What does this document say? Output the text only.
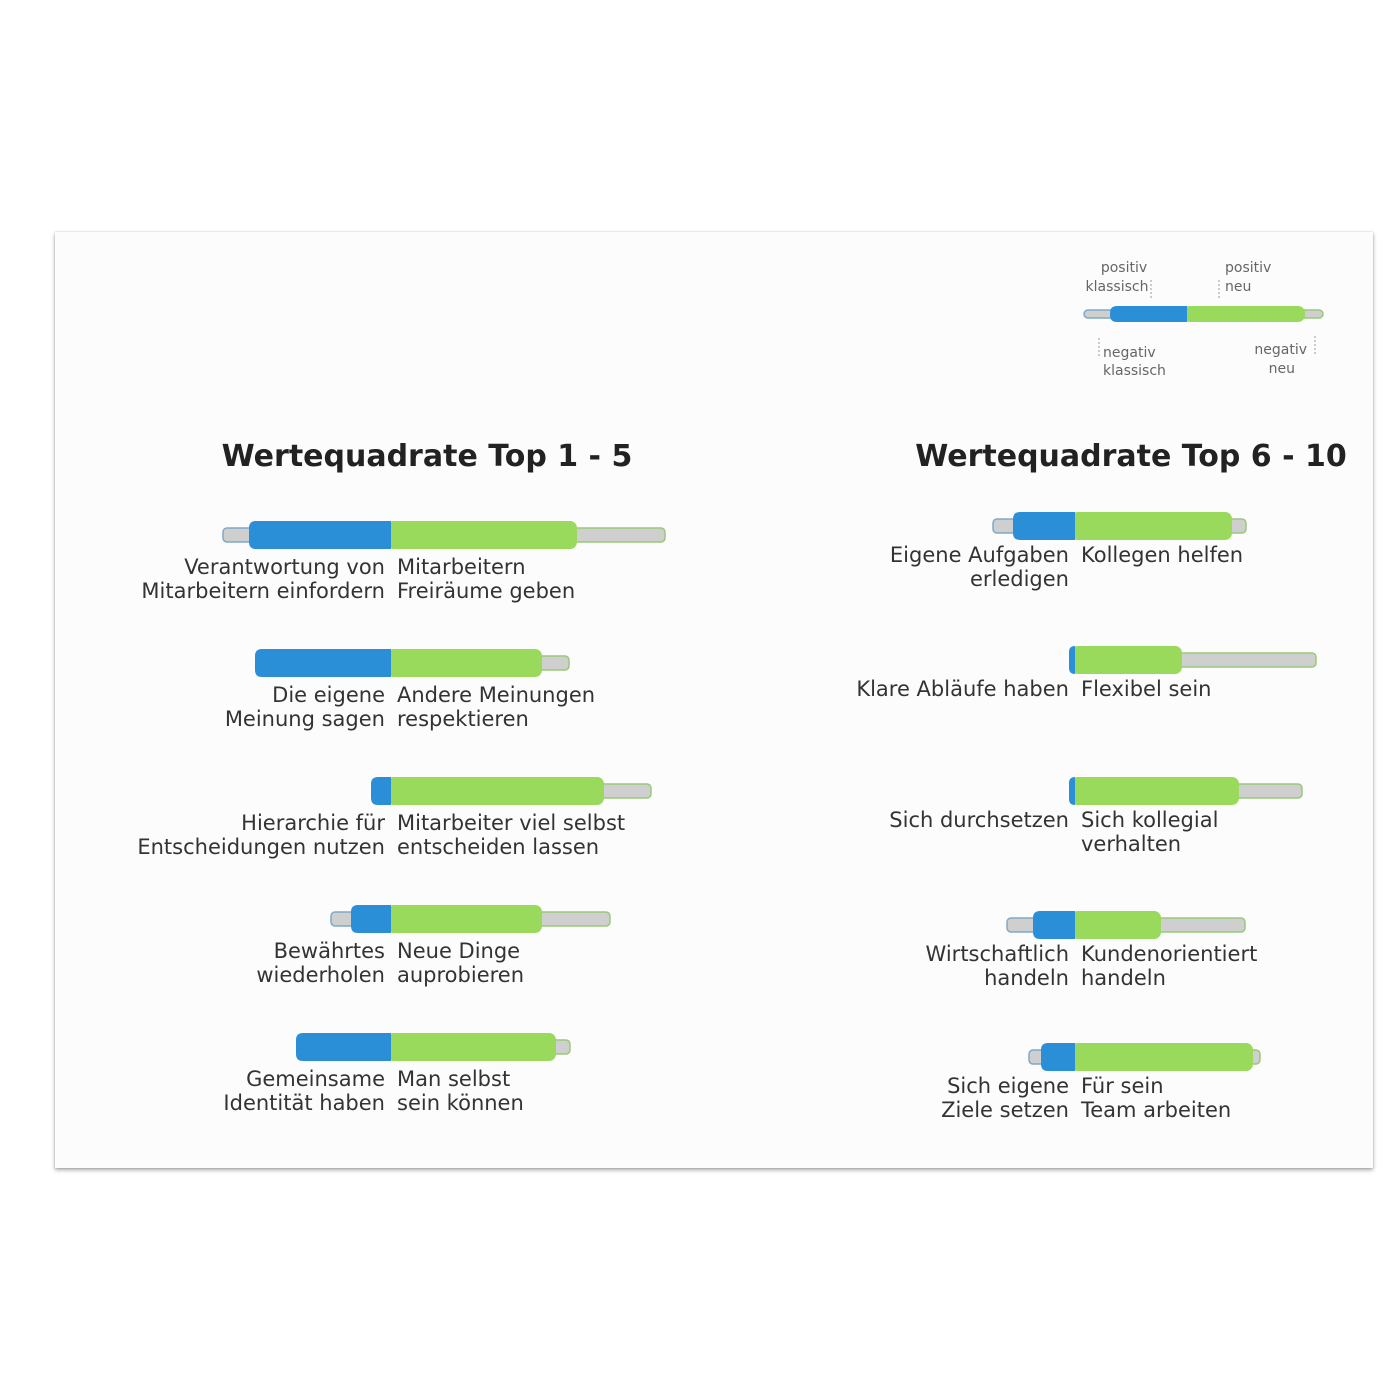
positiv
klassisch
positiv
neu
negativ
klassisch
negativ
neu
Wertequadrate Top 1 - 5
Verantwortung von
Mitarbeitern einfordern
Mitarbeitern
Freiräume geben
Die eigene
Meinung sagen
Andere Meinungen
respektieren
Hierarchie für
Entscheidungen nutzen
Mitarbeiter viel selbst
entscheiden lassen
Bewährtes
wiederholen
Neue Dinge
auprobieren
Gemeinsame
Identität haben
Man selbst
sein können
Wertequadrate Top 6 - 10
Eigene Aufgaben
erledigen
Kollegen helfen
Klare Abläufe haben Flexibel sein
Sich durchsetzen Sich kollegial
verhalten
Wirtschaftlich
handeln
Kundenorientiert
handeln
Sich eigene
Ziele setzen
Für sein
Team arbeiten
